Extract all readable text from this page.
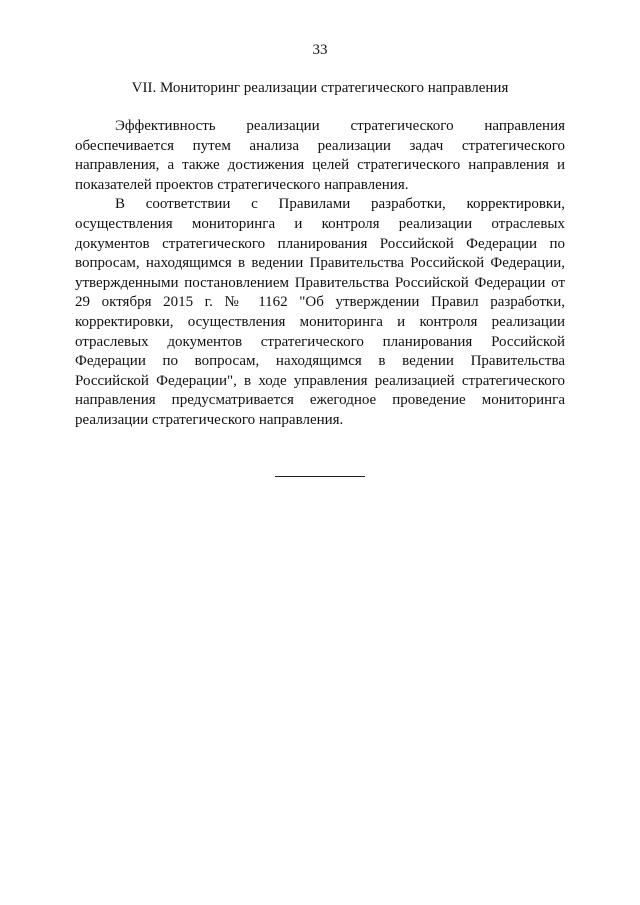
33
VII. Мониторинг реализации стратегического направления

Эффективность реализации стратегического направления обеспечивается путем анализа реализации задач стратегического направления, а также достижения целей стратегического направления и показателей проектов стратегического направления.

В соответствии с Правилами разработки, корректировки, осуществления мониторинга и контроля реализации отраслевых документов стратегического планирования Российской Федерации по вопросам, находящимся в ведении Правительства Российской Федерации, утвержденными постановлением Правительства Российской Федерации от 29 октября 2015 г. № 1162 "Об утверждении Правил разработки, корректировки, осуществления мониторинга и контроля реализации отраслевых документов стратегического планирования Российской Федерации по вопросам, находящимся в ведении Правительства Российской Федерации", в ходе управления реализацией стратегического направления предусматривается ежегодное проведение мониторинга реализации стратегического направления.
